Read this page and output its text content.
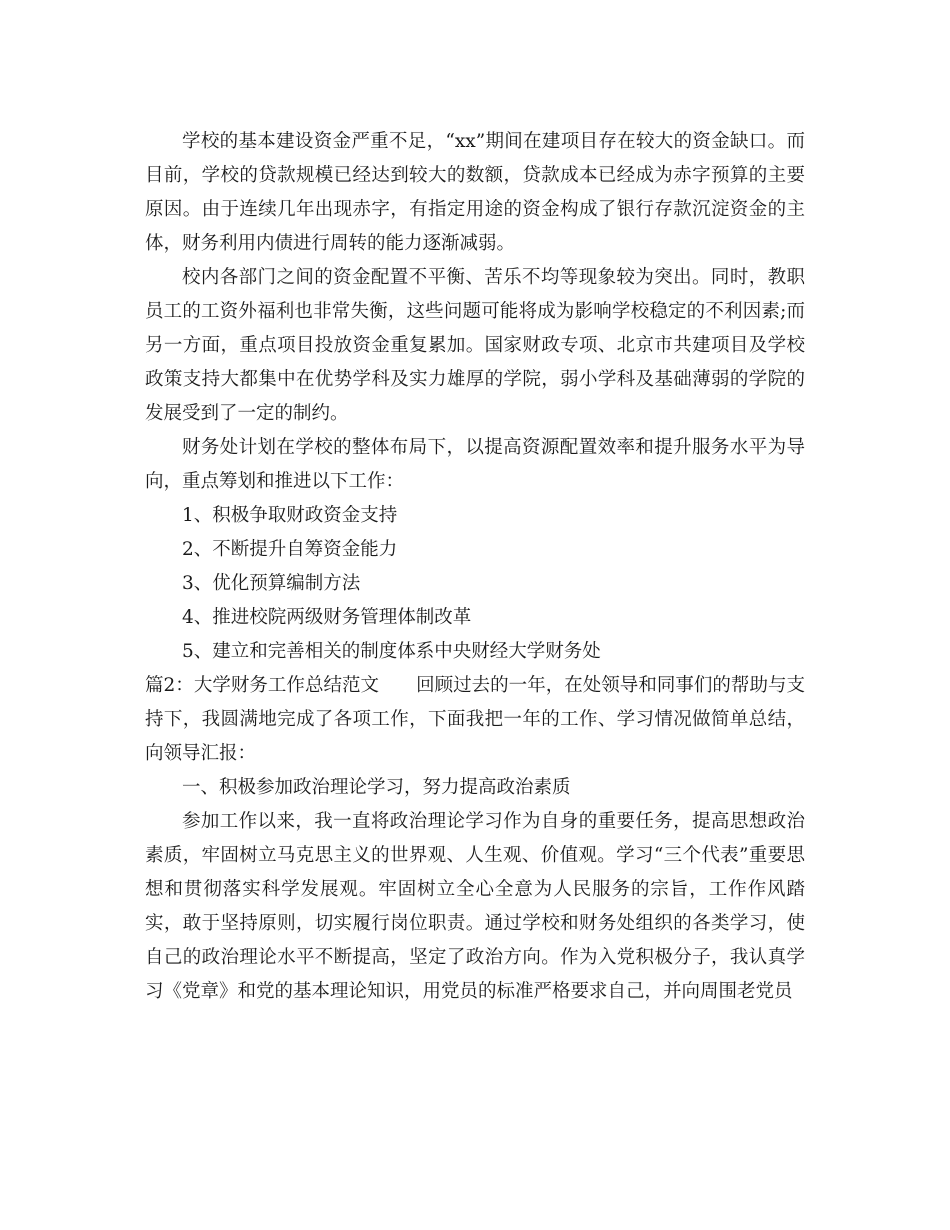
学校的基本建设资金严重不足，“xx”期间在建项目存在较大的资金缺口。而目前，学校的贷款规模已经达到较大的数额，贷款成本已经成为赤字预算的主要原因。由于连续几年出现赤字，有指定用途的资金构成了银行存款沉淀资金的主体，财务利用内债进行周转的能力逐渐减弱。

校内各部门之间的资金配置不平衡、苦乐不均等现象较为突出。同时，教职员工的工资外福利也非常失衡，这些问题可能将成为影响学校稳定的不利因素;而另一方面，重点项目投放资金重复累加。国家财政专项、北京市共建项目及学校政策支持大都集中在优势学科及实力雄厚的学院，弱小学科及基础薄弱的学院的发展受到了一定的制约。

财务处计划在学校的整体布局下，以提高资源配置效率和提升服务水平为导向，重点筹划和推进以下工作：

1、积极争取财政资金支持

2、不断提升自筹资金能力

3、优化预算编制方法

4、推进校院两级财务管理体制改革

5、建立和完善相关的制度体系中央财经大学财务处

篇2：大学财务工作总结范文 回顾过去的一年，在处领导和同事们的帮助与支持下，我圆满地完成了各项工作，下面我把一年的工作、学习情况做简单总结，向领导汇报：

一、积极参加政治理论学习，努力提高政治素质

参加工作以来，我一直将政治理论学习作为自身的重要任务，提高思想政治素质，牢固树立马克思主义的世界观、人生观、价值观。学习“三个代表”重要思想和贯彻落实科学发展观。牢固树立全心全意为人民服务的宗旨，工作作风踏实，敢于坚持原则，切实履行岗位职责。通过学校和财务处组织的各类学习，使自己的政治理论水平不断提高，坚定了政治方向。作为入党积极分子，我认真学习《党章》和党的基本理论知识，用党员的标准严格要求自己，并向周围老党员
